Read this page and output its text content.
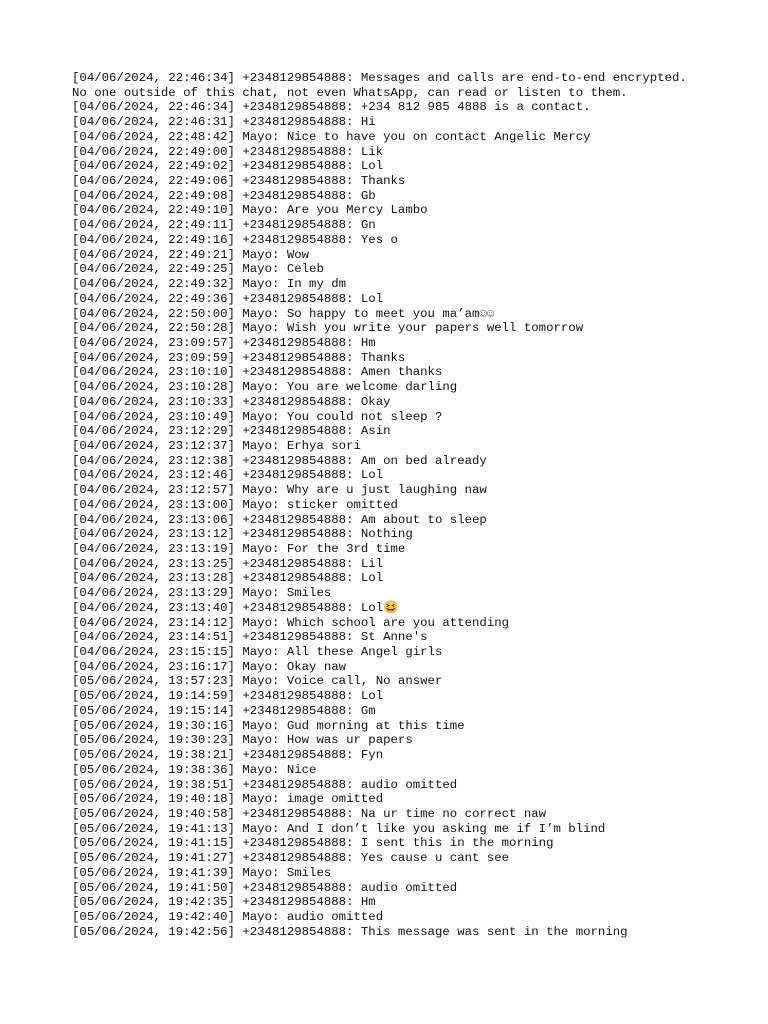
[04/06/2024, 22:46:34] +2348129854888: Messages and calls are end-to-end encrypted.
No one outside of this chat, not even WhatsApp, can read or listen to them.
[04/06/2024, 22:46:34] +2348129854888: +234 812 985 4888 is a contact.
[04/06/2024, 22:46:31] +2348129854888: Hi
[04/06/2024, 22:48:42] Mayo: Nice to have you on contact Angelic Mercy
[04/06/2024, 22:49:00] +2348129854888: Lik
[04/06/2024, 22:49:02] +2348129854888: Lol
[04/06/2024, 22:49:06] +2348129854888: Thanks
[04/06/2024, 22:49:08] +2348129854888: Gb
[04/06/2024, 22:49:10] Mayo: Are you Mercy Lambo
[04/06/2024, 22:49:11] +2348129854888: Gn
[04/06/2024, 22:49:16] +2348129854888: Yes o
[04/06/2024, 22:49:21] Mayo: Wow
[04/06/2024, 22:49:25] Mayo: Celeb
[04/06/2024, 22:49:32] Mayo: In my dm
[04/06/2024, 22:49:36] +2348129854888: Lol
[04/06/2024, 22:50:00] Mayo: So happy to meet you ma’am☺☺
[04/06/2024, 22:50:28] Mayo: Wish you write your papers well tomorrow
[04/06/2024, 23:09:57] +2348129854888: Hm
[04/06/2024, 23:09:59] +2348129854888: Thanks
[04/06/2024, 23:10:10] +2348129854888: Amen thanks
[04/06/2024, 23:10:28] Mayo: You are welcome darling
[04/06/2024, 23:10:33] +2348129854888: Okay
[04/06/2024, 23:10:49] Mayo: You could not sleep ?
[04/06/2024, 23:12:29] +2348129854888: Asin
[04/06/2024, 23:12:37] Mayo: Erhya sori
[04/06/2024, 23:12:38] +2348129854888: Am on bed already
[04/06/2024, 23:12:46] +2348129854888: Lol
[04/06/2024, 23:12:57] Mayo: Why are u just laughing naw
[04/06/2024, 23:13:00] Mayo: sticker omitted
[04/06/2024, 23:13:06] +2348129854888: Am about to sleep
[04/06/2024, 23:13:12] +2348129854888: Nothing
[04/06/2024, 23:13:19] Mayo: For the 3rd time
[04/06/2024, 23:13:25] +2348129854888: Lil
[04/06/2024, 23:13:28] +2348129854888: Lol
[04/06/2024, 23:13:29] Mayo: Smiles
[04/06/2024, 23:13:40] +2348129854888: Lol😆
[04/06/2024, 23:14:12] Mayo: Which school are you attending
[04/06/2024, 23:14:51] +2348129854888: St Anne's
[04/06/2024, 23:15:15] Mayo: All these Angel girls
[04/06/2024, 23:16:17] Mayo: Okay naw
[05/06/2024, 13:57:23] Mayo: Voice call, No answer
[05/06/2024, 19:14:59] +2348129854888: Lol
[05/06/2024, 19:15:14] +2348129854888: Gm
[05/06/2024, 19:30:16] Mayo: Gud morning at this time
[05/06/2024, 19:30:23] Mayo: How was ur papers
[05/06/2024, 19:38:21] +2348129854888: Fyn
[05/06/2024, 19:38:36] Mayo: Nice
[05/06/2024, 19:38:51] +2348129854888: audio omitted
[05/06/2024, 19:40:18] Mayo: image omitted
[05/06/2024, 19:40:58] +2348129854888: Na ur time no correct naw
[05/06/2024, 19:41:13] Mayo: And I don’t like you asking me if I’m blind
[05/06/2024, 19:41:15] +2348129854888: I sent this in the morning
[05/06/2024, 19:41:27] +2348129854888: Yes cause u cant see
[05/06/2024, 19:41:39] Mayo: Smiles
[05/06/2024, 19:41:50] +2348129854888: audio omitted
[05/06/2024, 19:42:35] +2348129854888: Hm
[05/06/2024, 19:42:40] Mayo: audio omitted
[05/06/2024, 19:42:56] +2348129854888: This message was sent in the morning
